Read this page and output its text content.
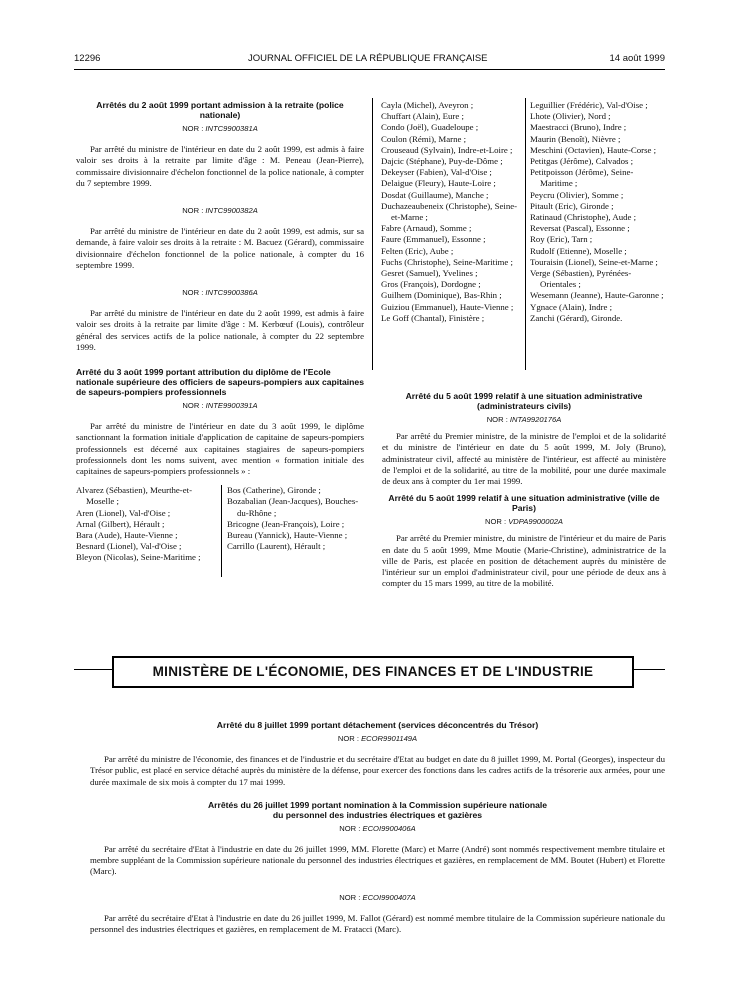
12296	JOURNAL OFFICIEL DE LA RÉPUBLIQUE FRANÇAISE	14 août 1999
Arrêtés du 2 août 1999 portant admission à la retraite (police nationale)
NOR : INTC9900381A

Par arrêté du ministre de l'intérieur en date du 2 août 1999, est admis à faire valoir ses droits à la retraite par limite d'âge : M. Peneau (Jean-Pierre), commissaire divisionnaire d'échelon fonctionnel de la police nationale, à compter du 7 septembre 1999.

NOR : INTC9900382A

Par arrêté du ministre de l'intérieur en date du 2 août 1999, est admis, sur sa demande, à faire valoir ses droits à la retraite : M. Bacuez (Gérard), commissaire divisionnaire d'échelon fonctionnel de la police nationale, à compter du 16 septembre 1999.

NOR : INTC9900386A

Par arrêté du ministre de l'intérieur en date du 2 août 1999, est admis à faire valoir ses droits à la retraite par limite d'âge : M. Kerbœuf (Louis), contrôleur général des services actifs de la police nationale, à compter du 22 septembre 1999.

Arrêté du 3 août 1999 portant attribution du diplôme de l'Ecole nationale supérieure des officiers de sapeurs-pompiers aux capitaines de sapeurs-pompiers professionnels
NOR : INTE9900391A

Par arrêté du ministre de l'intérieur en date du 3 août 1999, le diplôme sanctionnant la formation initiale d'application de capitaine de sapeurs-pompiers professionnels est décerné aux capitaines stagiaires de sapeurs-pompiers professionnels dont les noms suivent, avec mention « formation initiale des capitaines de sapeurs-pompiers professionnels » :

Alvarez (Sébastien), Meurthe-et-Moselle ;
Aren (Lionel), Val-d'Oise ;
Arnal (Gilbert), Hérault ;
Bara (Aude), Haute-Vienne ;
Besnard (Lionel), Val-d'Oise ;
Bleyon (Nicolas), Seine-Maritime ;
Bos (Catherine), Gironde ;
Bozabalian (Jean-Jacques), Bouches-du-Rhône ;
Bricogne (Jean-François), Loire ;
Bureau (Yannick), Haute-Vienne ;
Carrillo (Laurent), Hérault ;
Cayla (Michel), Aveyron ;
Chuffart (Alain), Eure ;
Condo (Joël), Guadeloupe ;
Coulon (Rémi), Marne ;
Crouseaud (Sylvain), Indre-et-Loire ;
Dajcic (Stéphane), Puy-de-Dôme ;
Dekeyser (Fabien), Val-d'Oise ;
Delaigue (Fleury), Haute-Loire ;
Dosdat (Guillaume), Manche ;
Duchazeaubeneix (Christophe), Seine-et-Marne ;
Fabre (Arnaud), Somme ;
Faure (Emmanuel), Essonne ;
Felten (Eric), Aube ;
Fuchs (Christophe), Seine-Maritime ;
Gesret (Samuel), Yvelines ;
Gros (François), Dordogne ;
Guilhem (Dominique), Bas-Rhin ;
Guiziou (Emmanuel), Haute-Vienne ;
Le Goff (Chantal), Finistère ;
Leguillier (Frédéric), Val-d'Oise ;
Lhote (Olivier), Nord ;
Maestracci (Bruno), Indre ;
Maurin (Benoît), Nièvre ;
Meschini (Octavien), Haute-Corse ;
Petitgas (Jérôme), Calvados ;
Petitpoisson (Jérôme), Seine-Maritime ;
Peycru (Olivier), Somme ;
Pitault (Eric), Gironde ;
Ratinaud (Christophe), Aude ;
Reversat (Pascal), Essonne ;
Roy (Eric), Tarn ;
Rudolf (Etienne), Moselle ;
Touraisin (Lionel), Seine-et-Marne ;
Verge (Sébastien), Pyrénées-Orientales ;
Wesemann (Jeanne), Haute-Garonne ;
Ygnace (Alain), Indre ;
Zanchi (Gérard), Gironde.
Arrêté du 5 août 1999 relatif à une situation administrative (administrateurs civils)
NOR : INTA9920176A

Par arrêté du Premier ministre, de la ministre de l'emploi et de la solidarité et du ministre de l'intérieur en date du 5 août 1999, M. Joly (Bruno), administrateur civil, affecté au ministère de l'intérieur, est affecté au ministère de l'emploi et de la solidarité, au titre de la mobilité, pour une durée maximale de deux ans à compter du 1er mai 1999.

Arrêté du 5 août 1999 relatif à une situation administrative (ville de Paris)
NOR : VDPA9900002A

Par arrêté du Premier ministre, du ministre de l'intérieur et du maire de Paris en date du 5 août 1999, Mme Moutie (Marie-Christine), administratrice de la ville de Paris, est placée en position de détachement auprès du ministère de l'intérieur sur un emploi d'administrateur civil, pour une période de deux ans à compter du 15 mars 1999, au titre de la mobilité.

MINISTÈRE DE L'ÉCONOMIE, DES FINANCES ET DE L'INDUSTRIE
Arrêté du 8 juillet 1999 portant détachement (services déconcentrés du Trésor)
NOR : ECOR9901149A

Par arrêté du ministre de l'économie, des finances et de l'industrie et du secrétaire d'Etat au budget en date du 8 juillet 1999, M. Portal (Georges), inspecteur du Trésor public, est placé en service détaché auprès du ministère de la défense, pour exercer des fonctions dans les cadres actifs de la trésorerie aux armées, pour une durée maximale de six mois à compter du 17 mai 1999.

Arrêtés du 26 juillet 1999 portant nomination à la Commission supérieure nationale
du personnel des industries électriques et gazières
NOR : ECOI9900406A

Par arrêté du secrétaire d'Etat à l'industrie en date du 26 juillet 1999, MM. Florette (Marc) et Marre (André) sont nommés respectivement membre titulaire et membre suppléant de la Commission supérieure nationale du personnel des industries électriques et gazières, en remplacement de MM. Boutet (Hubert) et Florette (Marc).

NOR : ECOI9900407A

Par arrêté du secrétaire d'Etat à l'industrie en date du 26 juillet 1999, M. Fallot (Gérard) est nommé membre titulaire de la Commission supérieure nationale du personnel des industries électriques et gazières, en remplacement de M. Fratacci (Marc).
